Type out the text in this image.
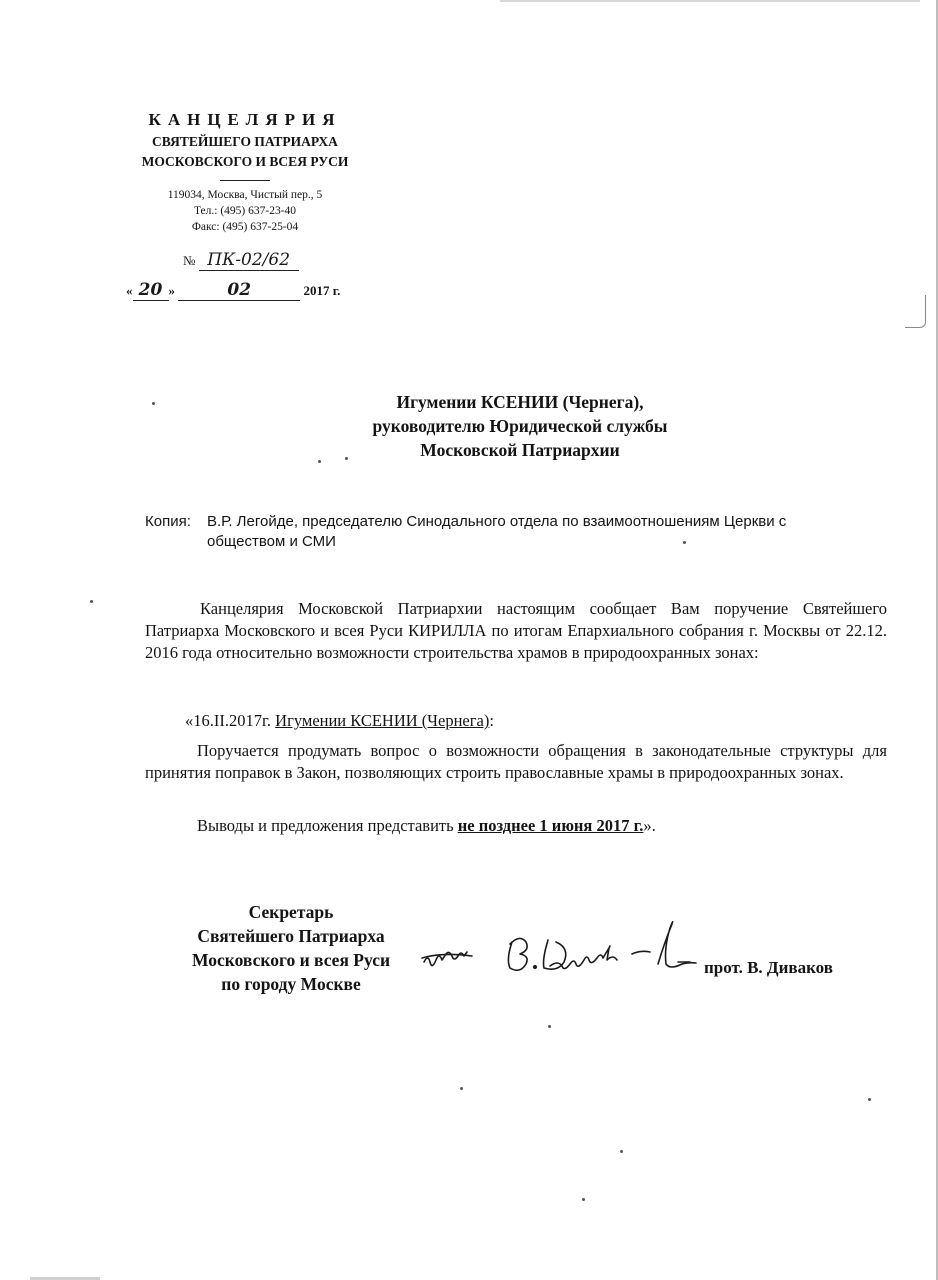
КАНЦЕЛЯРИЯ
СВЯТЕЙШЕГО ПАТРИАРХА
МОСКОВСКОГО И ВСЕЯ РУСИ
119034, Москва, Чистый пер., 5
Тел.: (495) 637-23-40
Факс: (495) 637-25-04
№ ПК-02/62
« 20 »	02	2017 г.
Игумении КСЕНИИ (Чернега),
руководителю Юридической службы
Московской Патриархии
Копия: В.Р. Легойде, председателю Синодального отдела по взаимоотношениям Церкви с обществом и СМИ
Канцелярия Московской Патриархии настоящим сообщает Вам поручение Святейшего Патриарха Московского и всея Руси КИРИЛЛА по итогам Епархиального собрания г. Москвы от 22.12. 2016 года относительно возможности строительства храмов в природоохранных зонах:
«16.II.2017г. Игумении КСЕНИИ (Чернега):
Поручается продумать вопрос о возможности обращения в законодательные структуры для принятия поправок в Закон, позволяющих строить православные храмы в природоохранных зонах.
Выводы и предложения представить не позднее 1 июня 2017 г.».
Секретарь
Святейшего Патриарха
Московского и всея Руси
по городу Москве
прот. В. Диваков
